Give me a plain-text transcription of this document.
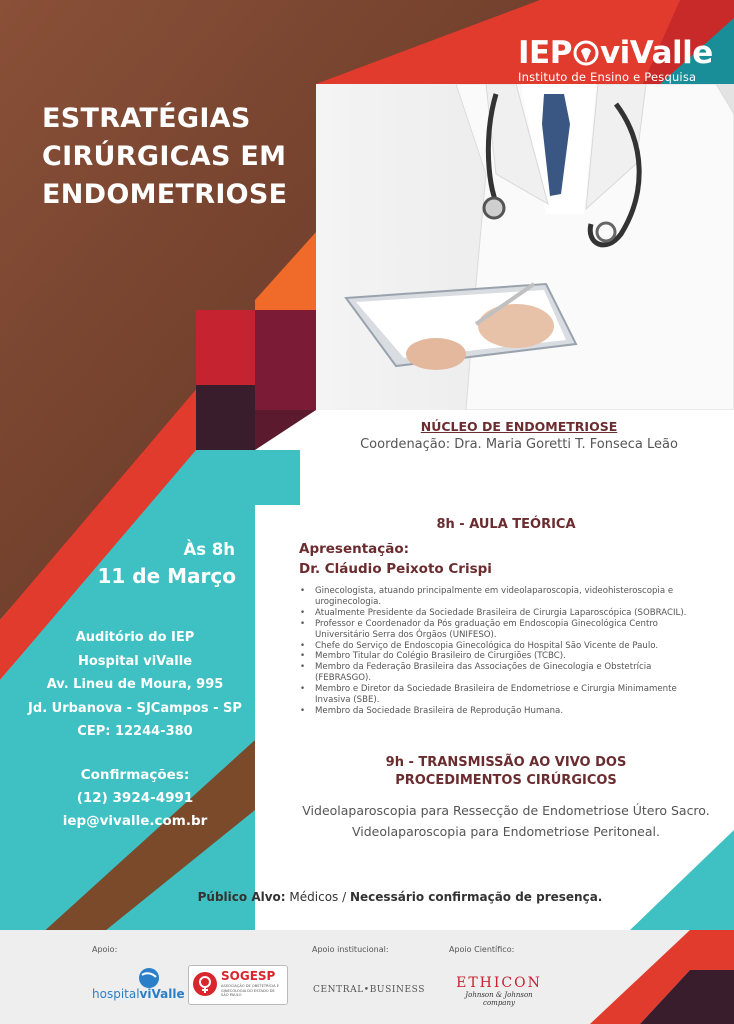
IEP viValle
Instituto de Ensino e Pesquisa
ESTRATÉGIAS
CIRÚRGICAS EM
ENDOMETRIOSE
NÚCLEO DE ENDOMETRIOSE
Coordenação: Dra. Maria Goretti T. Fonseca Leão
Às 8h
11 de Março
Auditório do IEP
Hospital viValle
Av. Lineu de Moura, 995
Jd. Urbanova - SJCampos - SP
CEP: 12244-380
Confirmações:
(12) 3924-4991
iep@vivalle.com.br
8h - AULA TEÓRICA
Apresentação:
Dr. Cláudio Peixoto Crispi
• Ginecologista, atuando principalmente em videolaparoscopia, videohisteroscopia e uroginecologia.
• Atualmente Presidente da Sociedade Brasileira de Cirurgia Laparoscópica (SOBRACIL).
• Professor e Coordenador da Pós graduação em Endoscopia Ginecológica Centro Universitário Serra dos Órgãos (UNIFESO).
• Chefe do Serviço de Endoscopia Ginecológica do Hospital São Vicente de Paulo.
• Membro Titular do Colégio Brasileiro de Cirurgiões (TCBC).
• Membro da Federação Brasileira das Associações de Ginecologia e Obstetrícia (FEBRASGO).
• Membro e Diretor da Sociedade Brasileira de Endometriose e Cirurgia Minimamente Invasiva (SBE).
• Membro da Sociedade Brasileira de Reprodução Humana.
9h - TRANSMISSÃO AO VIVO DOS
PROCEDIMENTOS CIRÚRGICOS
Videolaparoscopia para Ressecção de Endometriose Útero Sacro.
Videolaparoscopia para Endometriose Peritoneal.
Público Alvo: Médicos / Necessário confirmação de presença.
Apoio:	Apoio institucional:	Apoio Científico:
hospitalviValle
SOGESP
ASSOCIAÇÃO DE OBSTETRÍCIA E GINECOLOGIA DO ESTADO DE SÃO PAULO
CENTRAL•BUSINESS	ETHICON
Johnson & Johnson company
